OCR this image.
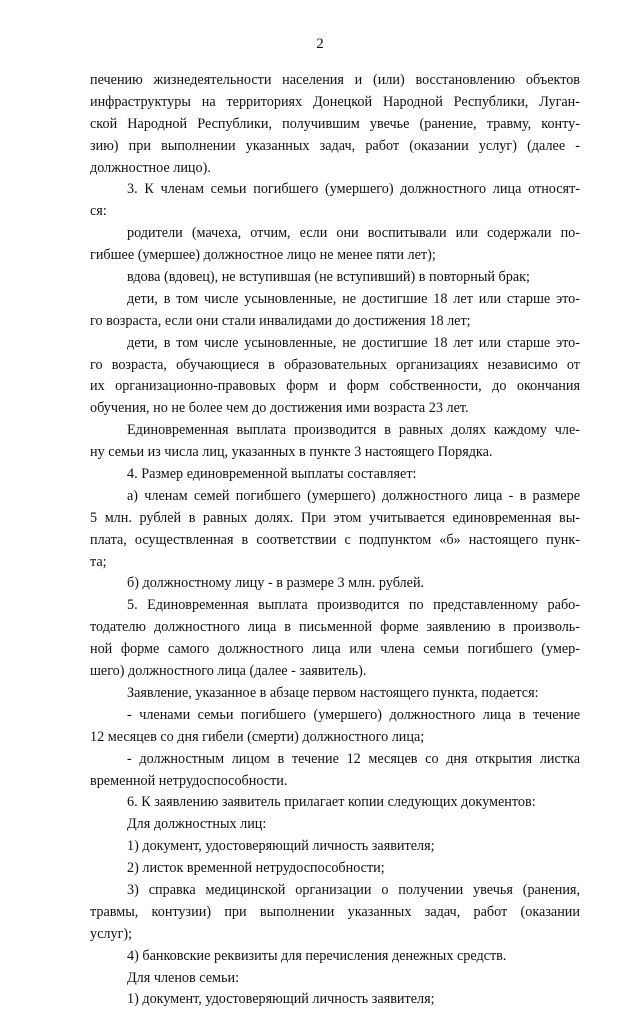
2
печению жизнедеятельности населения и (или) восстановлению объектов
инфраструктуры на территориях Донецкой Народной Республики, Луган-
ской Народной Республики, получившим увечье (ранение, травму, конту-
зию) при выполнении указанных задач, работ (оказании услуг) (далее -
должностное лицо).
3. К членам семьи погибшего (умершего) должностного лица относят-
ся:
родители (мачеха, отчим, если они воспитывали или содержали по-
гибшее (умершее) должностное лицо не менее пяти лет);
вдова (вдовец), не вступившая (не вступивший) в повторный брак;
дети, в том числе усыновленные, не достигшие 18 лет или старше это-
го возраста, если они стали инвалидами до достижения 18 лет;
дети, в том числе усыновленные, не достигшие 18 лет или старше это-
го возраста, обучающиеся в образовательных организациях независимо от
их организационно-правовых форм и форм собственности, до окончания
обучения, но не более чем до достижения ими возраста 23 лет.
Единовременная выплата производится в равных долях каждому чле-
ну семьи из числа лиц, указанных в пункте 3 настоящего Порядка.
4. Размер единовременной выплаты составляет:
а) членам семей погибшего (умершего) должностного лица - в размере
5 млн. рублей в равных долях. При этом учитывается единовременная вы-
плата, осуществленная в соответствии с подпунктом «б» настоящего пунк-
та;
б) должностному лицу - в размере 3 млн. рублей.
5. Единовременная выплата производится по представленному рабо-
тодателю должностного лица в письменной форме заявлению в произволь-
ной форме самого должностного лица или члена семьи погибшего (умер-
шего) должностного лица (далее - заявитель).
Заявление, указанное в абзаце первом настоящего пункта, подается:
- членами семьи погибшего (умершего) должностного лица в течение
12 месяцев со дня гибели (смерти) должностного лица;
- должностным лицом в течение 12 месяцев со дня открытия листка
временной нетрудоспособности.
6. К заявлению заявитель прилагает копии следующих документов:
Для должностных лиц:
1) документ, удостоверяющий личность заявителя;
2) листок временной нетрудоспособности;
3) справка медицинской организации о получении увечья (ранения,
травмы, контузии) при выполнении указанных задач, работ (оказании
услуг);
4) банковские реквизиты для перечисления денежных средств.
Для членов семьи:
1) документ, удостоверяющий личность заявителя;
